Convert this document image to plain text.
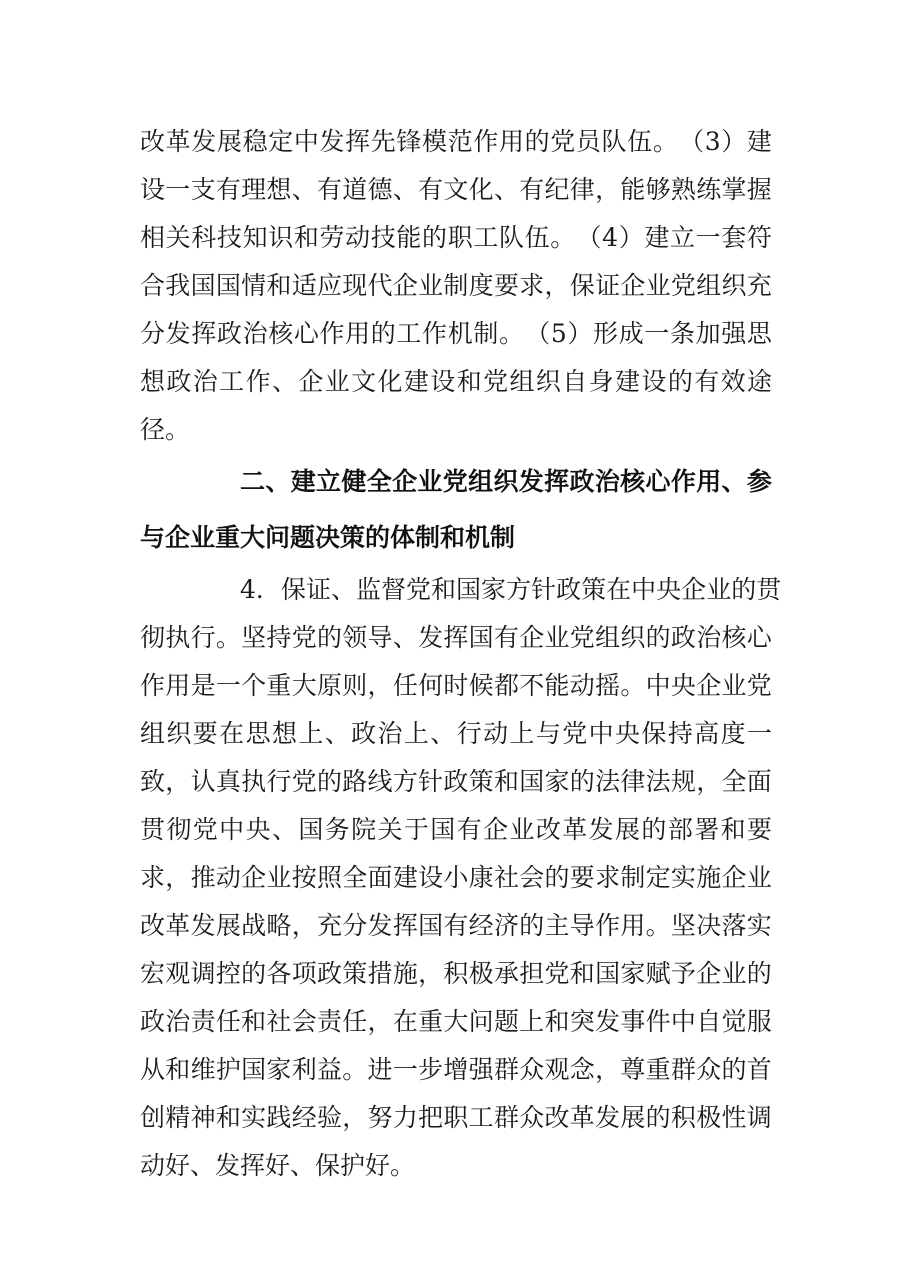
改 革 发 展 稳 定 中 发 挥 先 锋 模 范 作 用 的 党 员 队 伍 。 （ 3 ） 建
设 一 支 有 理 想 、 有 道 德 、 有 文 化 、 有 纪 律 ， 能 够 熟 练 掌 握
相 关 科 技 知 识 和 劳 动 技 能 的 职 工 队 伍 。 （ 4 ） 建 立 一 套 符
合 我 国 国 情 和 适 应 现 代 企 业 制 度 要 求 ， 保 证 企 业 党 组 织 充
分 发 挥 政 治 核 心 作 用 的 工 作 机 制 。 （ 5 ） 形 成 一 条 加 强 思
想 政 治 工 作 、 企 业 文 化 建 设 和 党 组 织 自 身 建 设 的 有 效 途
径。
二 、 建 立 健 全 企 业 党 组 织 发 挥 政 治 核 心 作 用 、 参
与企业重大问题决策的体制和机制
4 ． 保 证 、 监 督 党 和 国 家 方 针 政 策 在 中 央 企 业 的 贯
彻 执 行 。 坚 持 党 的 领 导 、 发 挥 国 有 企 业 党 组 织 的 政 治 核 心
作 用 是 一 个 重 大 原 则 ， 任 何 时 候 都 不 能 动 摇 。 中 央 企 业 党
组 织 要 在 思 想 上 、 政 治 上 、 行 动 上 与 党 中 央 保 持 高 度 一
致 ， 认 真 执 行 党 的 路 线 方 针 政 策 和 国 家 的 法 律 法 规 ， 全 面
贯 彻 党 中 央 、 国 务 院 关 于 国 有 企 业 改 革 发 展 的 部 署 和 要
求 ， 推 动 企 业 按 照 全 面 建 设 小 康 社 会 的 要 求 制 定 实 施 企 业
改 革 发 展 战 略 ， 充 分 发 挥 国 有 经 济 的 主 导 作 用 。 坚 决 落 实
宏 观 调 控 的 各 项 政 策 措 施 ， 积 极 承 担 党 和 国 家 赋 予 企 业 的
政 治 责 任 和 社 会 责 任 ， 在 重 大 问 题 上 和 突 发 事 件 中 自 觉 服
从 和 维 护 国 家 利 益 。 进 一 步 增 强 群 众 观 念 ， 尊 重 群 众 的 首
创 精 神 和 实 践 经 验 ， 努 力 把 职 工 群 众 改 革 发 展 的 积 极 性 调
动好、发挥好、保护好。
